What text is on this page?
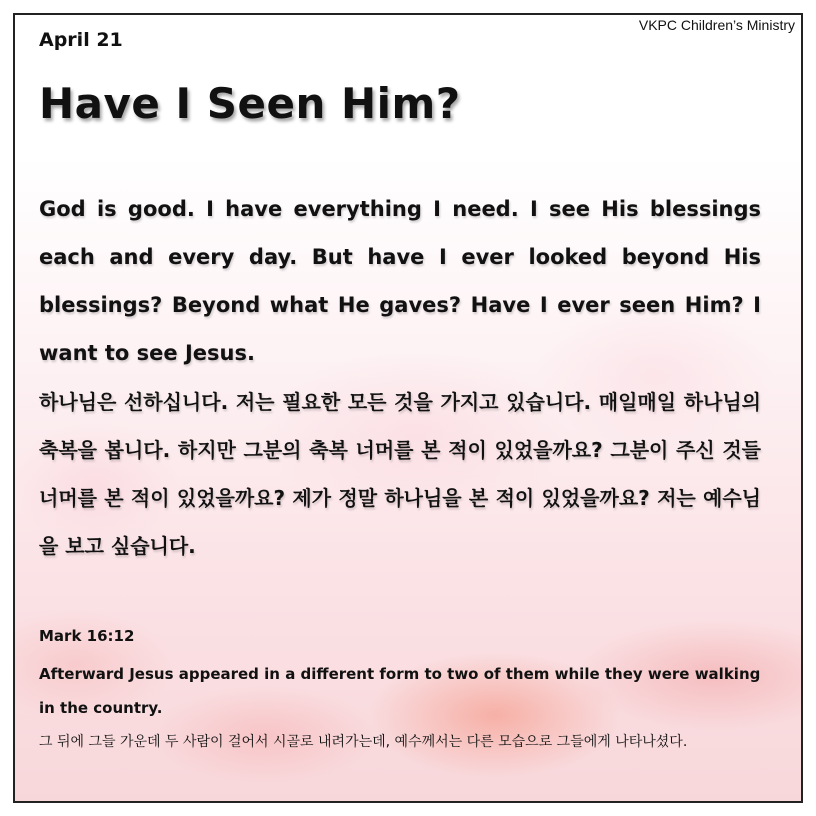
VKPC Children’s Ministry
April 21
Have I Seen Him?
God is good. I have everything I need. I see His blessings each and every day. But have I ever looked beyond His blessings? Beyond what He gaves? Have I ever seen Him? I want to see Jesus.
하나님은 선하십니다. 저는 필요한 모든 것을 가지고 있습니다. 매일매일 하나님의 축복을 봅니다. 하지만 그분의 축복 너머를 본 적이 있었을까요? 그분이 주신 것들 너머를 본 적이 있었을까요? 제가 정말 하나님을 본 적이 있었을까요? 저는 예수님을 보고 싶습니다.
Mark 16:12
Afterward Jesus appeared in a different form to two of them while they were walking in the country.
그 뒤에 그들 가운데 두 사람이 걸어서 시골로 내려가는데, 예수께서는 다른 모습으로 그들에게 나타나셨다.
